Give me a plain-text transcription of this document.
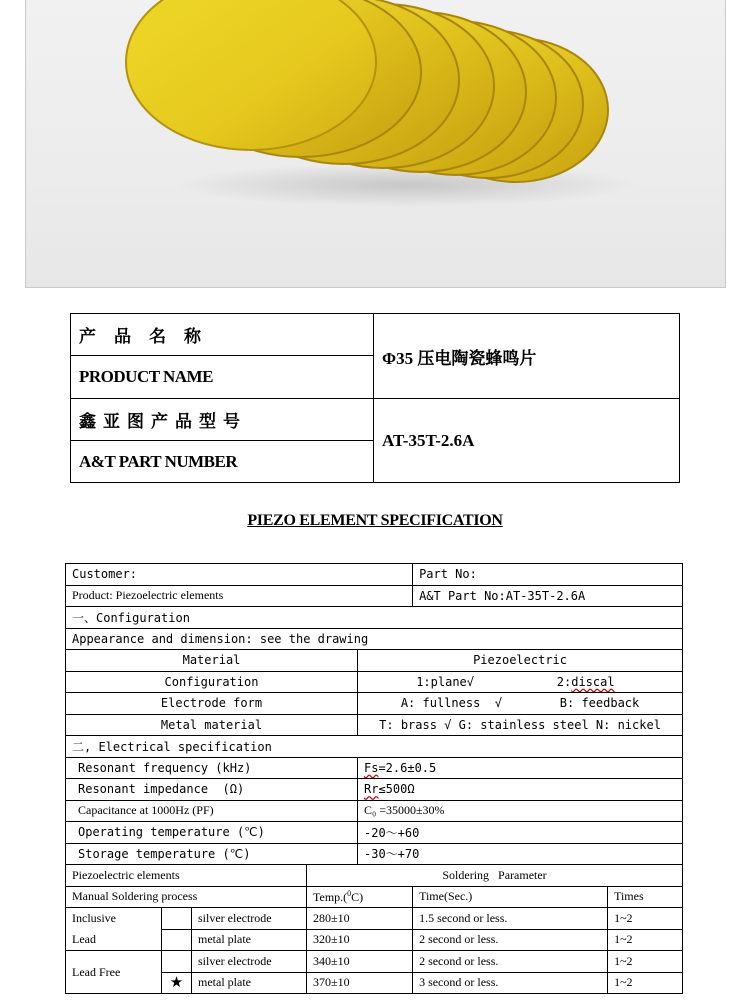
产品名称	Φ35 压电陶瓷蜂鸣片
PRODUCT NAME	
鑫亚图产品型号	AT-35T-2.6A
A&T PART NUMBER	
PIEZO ELEMENT SPECIFICATION
Customer:					Part No:	
Product: Piezoelectric elements					A&T Part No:AT-35T-2.6A	
一、Configuration						
Appearance and dimension: see the drawing						
Material				Piezoelectric		
Configuration				1:plane√ 2:discal		
Electrode form				A: fullness  √        B: feedback		
Metal material				T: brass √ G: stainless steel N: nickel		
二, Electrical specification						
Resonant frequency (kHz)				Fs=2.6±0.5		
Resonant impedance  (Ω)				Rr≤500Ω		
Capacitance at 1000Hz (PF)				C₀ =35000±30%		
Operating temperature (℃)				-20～+60		
Storage temperature (℃)				-30～+70		
Piezoelectric elements			Soldering   Parameter			
Manual Soldering process			Temp.($^0$C)		Time(Sec.)	Times
Inclusive
Lead		silver electrode	280±10		1.5 second or less.	1~2
		metal plate	320±10		2 second or less.	1~2
Lead Free		silver electrode	340±10		2 second or less.	1~2
	★	metal plate	370±10		3 second or less.	1~2
